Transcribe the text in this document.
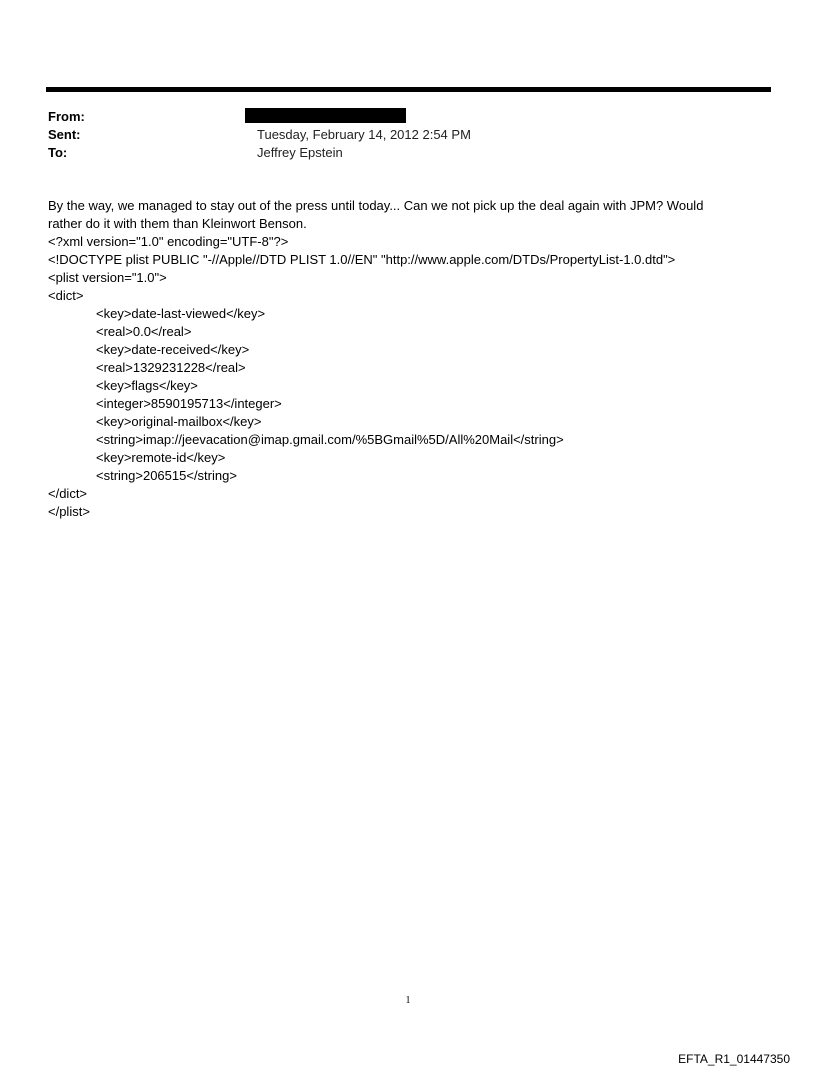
From:
Sent:	Tuesday, February 14, 2012 2:54 PM
To:	Jeffrey Epstein
By the way, we managed to stay out of the press until today... Can we not pick up the deal again with JPM? Would
rather do it with them than Kleinwort Benson.
<?xml version="1.0" encoding="UTF-8"?>
<!DOCTYPE plist PUBLIC "-//Apple//DTD PLIST 1.0//EN" "http://www.apple.com/DTDs/PropertyList-1.0.dtd">
<plist version="1.0">
<dict>
<key>date-last-viewed</key>
<real>0.0</real>
<key>date-received</key>
<real>1329231228</real>
<key>flags</key>
<integer>8590195713</integer>
<key>original-mailbox</key>
<string>imap://jeevacation@imap.gmail.com/%5BGmail%5D/All%20Mail</string>
<key>remote-id</key>
<string>206515</string>
</dict>
</plist>
1
EFTA_R1_01447350
